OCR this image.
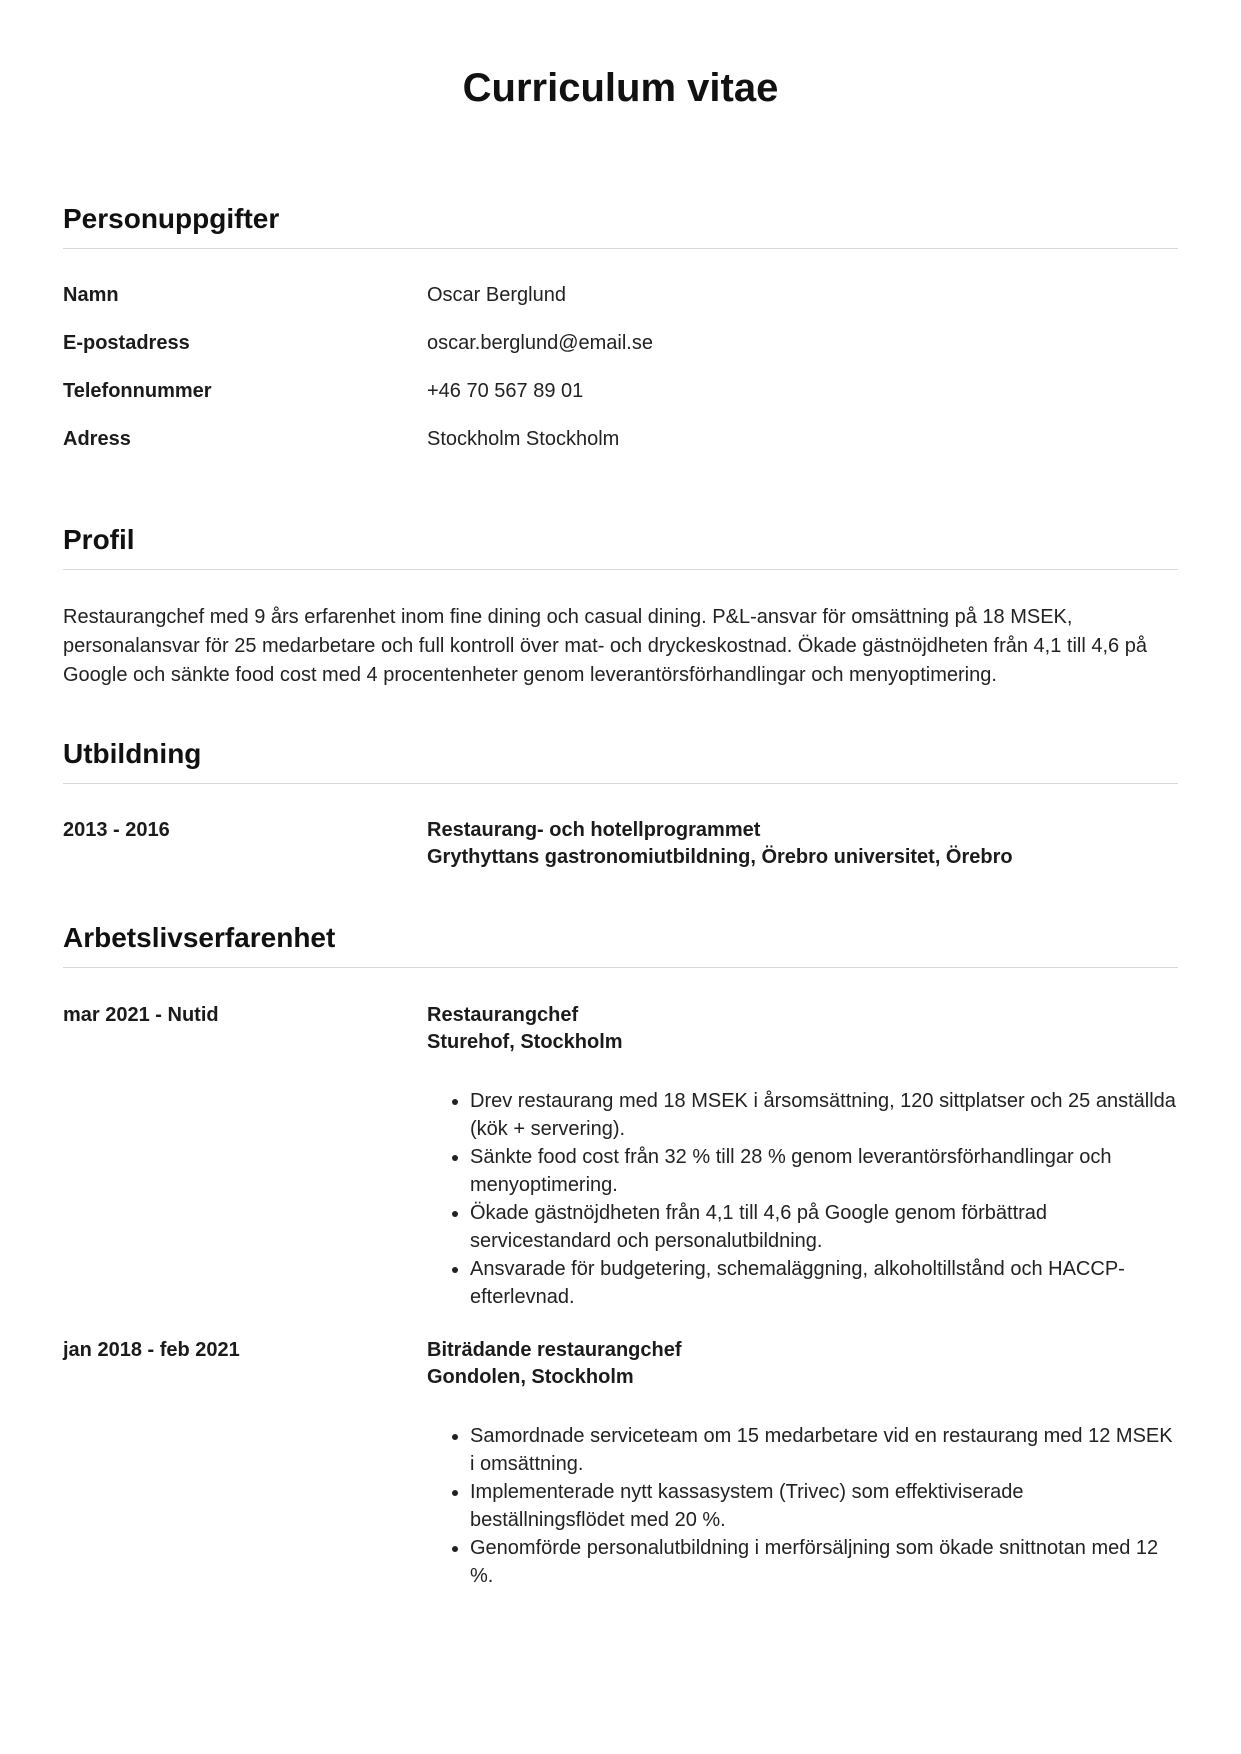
Curriculum vitae
Personuppgifter
Namn	Oscar Berglund
E-postadress	oscar.berglund@email.se
Telefonnummer	+46 70 567 89 01
Adress	Stockholm Stockholm
Profil

Restaurangchef med 9 års erfarenhet inom fine dining och casual dining. P&L-ansvar för omsättning på 18 MSEK, personalansvar för 25 medarbetare och full kontroll över mat- och dryckeskostnad. Ökade gästnöjdheten från 4,1 till 4,6 på Google och sänkte food cost med 4 procentenheter genom leverantörsförhandlingar och menyoptimering.

Utbildning
2013 - 2016	Restaurang- och hotellprogrammet
Grythyttans gastronomiutbildning, Örebro universitet, Örebro
Arbetslivserfarenhet
mar 2021 - Nutid	Restaurangchef
Sturehof, Stockholm
• Drev restaurang med 18 MSEK i årsomsättning, 120 sittplatser och 25 anställda (kök + servering).
• Sänkte food cost från 32 % till 28 % genom leverantörsförhandlingar och menyoptimering.
• Ökade gästnöjdheten från 4,1 till 4,6 på Google genom förbättrad servicestandard och personalutbildning.
• Ansvarade för budgetering, schemaläggning, alkoholtillstånd och HACCP-efterlevnad.
jan 2018 - feb 2021	Biträdande restaurangchef
Gondolen, Stockholm
• Samordnade serviceteam om 15 medarbetare vid en restaurang med 12 MSEK i omsättning.
• Implementerade nytt kassasystem (Trivec) som effektiviserade beställningsflödet med 20 %.
• Genomförde personalutbildning i merförsäljning som ökade snittnotan med 12 %.
